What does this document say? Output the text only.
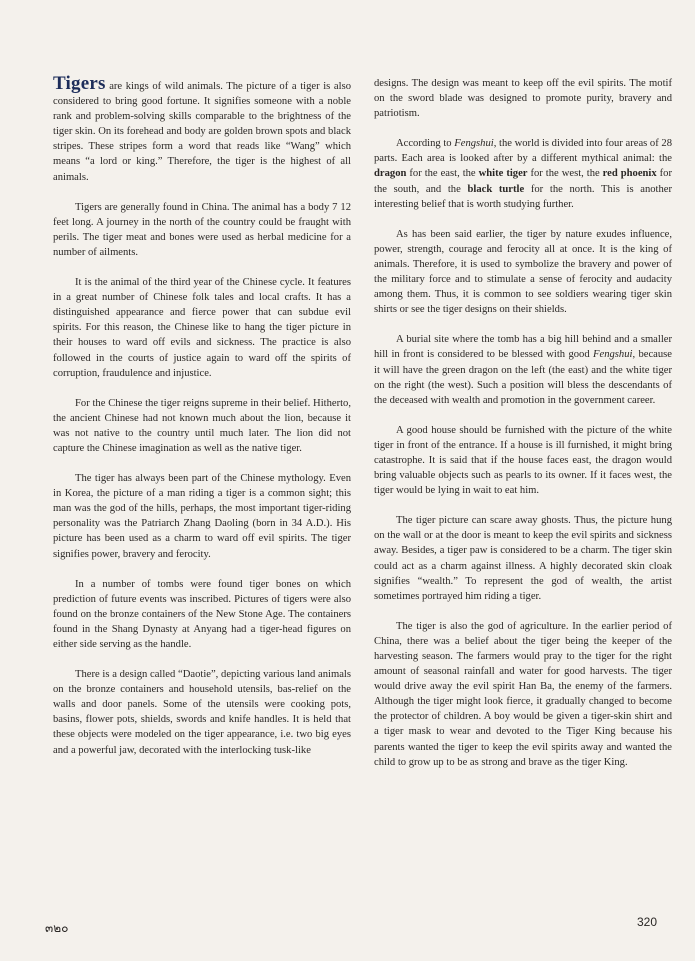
Tigers are kings of wild animals. The picture of a tiger is also considered to bring good fortune. It signifies someone with a noble rank and problem-solving skills comparable to the brightness of the tiger skin. On its forehead and body are golden brown spots and black stripes. These stripes form a word that reads like “Wang” which means “a lord or king.” Therefore, the tiger is the highest of all animals.

Tigers are generally found in China. The animal has a body 7 12 feet long. A journey in the north of the country could be fraught with perils. The tiger meat and bones were used as herbal medicine for a number of ailments.

It is the animal of the third year of the Chinese cycle. It features in a great number of Chinese folk tales and local crafts. It has a distinguished appearance and fierce power that can subdue evil spirits. For this reason, the Chinese like to hang the tiger picture in their houses to ward off evils and sickness. The practice is also followed in the courts of justice again to ward off the spirits of corruption, fraudulence and injustice.

For the Chinese the tiger reigns supreme in their belief. Hitherto, the ancient Chinese had not known much about the lion, because it was not native to the country until much later. The lion did not capture the Chinese imagination as well as the native tiger.

The tiger has always been part of the Chinese mythology. Even in Korea, the picture of a man riding a tiger is a common sight; this man was the god of the hills, perhaps, the most important tiger-riding personality was the Patriarch Zhang Daoling (born in 34 A.D.). His picture has been used as a charm to ward off evil spirits. The tiger signifies power, bravery and ferocity.

In a number of tombs were found tiger bones on which prediction of future events was inscribed. Pictures of tigers were also found on the bronze containers of the New Stone Age. The containers found in the Shang Dynasty at Anyang had a tiger-head figures on either side serving as the handle.

There is a design called “Daotie”, depicting various land animals on the bronze containers and household utensils, bas-relief on the walls and door panels. Some of the utensils were cooking pots, basins, flower pots, shields, swords and knife handles. It is held that these objects were modeled on the tiger appearance, i.e. two big eyes and a powerful jaw, decorated with the interlocking tusk-like

designs. The design was meant to keep off the evil spirits. The motif on the sword blade was designed to promote purity, bravery and patriotism.

According to Fengshui, the world is divided into four areas of 28 parts. Each area is looked after by a different mythical animal: the dragon for the east, the white tiger for the west, the red phoenix for the south, and the black turtle for the north. This is another interesting belief that is worth studying further.

As has been said earlier, the tiger by nature exudes influence, power, strength, courage and ferocity all at once. It is the king of animals. Therefore, it is used to symbolize the bravery and power of the military force and to stimulate a sense of ferocity and audacity among them. Thus, it is common to see soldiers wearing tiger skin shirts or see the tiger designs on their shields.

A burial site where the tomb has a big hill behind and a smaller hill in front is considered to be blessed with good Fengshui, because it will have the green dragon on the left (the east) and the white tiger on the right (the west). Such a position will bless the descendants of the deceased with wealth and promotion in the government career.

A good house should be furnished with the picture of the white tiger in front of the entrance. If a house is ill furnished, it might bring catastrophe. It is said that if the house faces east, the dragon would bring valuable objects such as pearls to its owner. If it faces west, the tiger would be lying in wait to eat him.

The tiger picture can scare away ghosts. Thus, the picture hung on the wall or at the door is meant to keep the evil spirits and sickness away. Besides, a tiger paw is considered to be a charm. The tiger skin could act as a charm against illness. A highly decorated skin cloak signifies “wealth.” To represent the god of wealth, the artist sometimes portrayed him riding a tiger.

The tiger is also the god of agriculture. In the earlier period of China, there was a belief about the tiger being the keeper of the harvesting season. The farmers would pray to the tiger for the right amount of seasonal rainfall and water for good harvests. The tiger would drive away the evil spirit Han Ba, the enemy of the farmers. Although the tiger might look fierce, it gradually changed to become the protector of children. A boy would be given a tiger-skin shirt and a tiger mask to wear and devoted to the Tiger King because his parents wanted the tiger to keep the evil spirits away and wanted the child to grow up to be as strong and brave as the tiger King.

๓๒๐	320
